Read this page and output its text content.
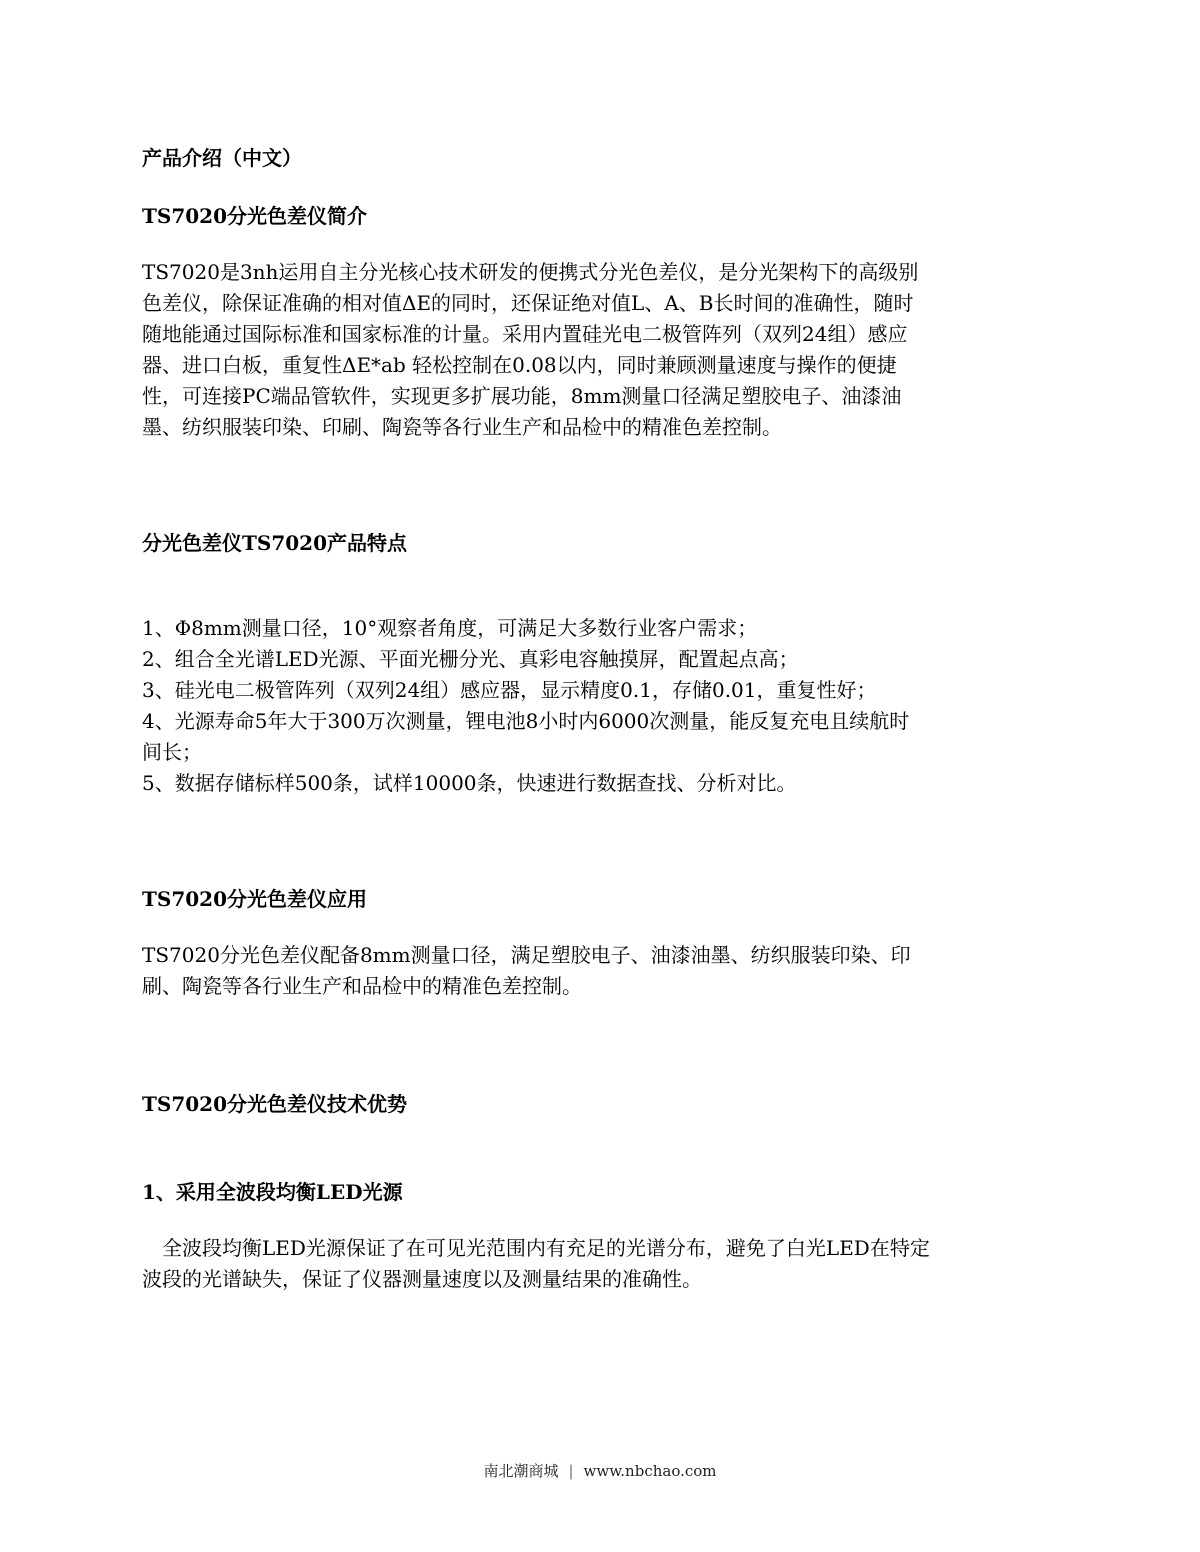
产品介绍（中文）
TS7020分光色差仪简介

TS7020是3nh运用自主分光核心技术研发的便携式分光色差仪，是分光架构下的高级别
色差仪，除保证准确的相对值ΔE的同时，还保证绝对值L、A、B长时间的准确性，随时
随地能通过国际标准和国家标准的计量。采用内置硅光电二极管阵列（双列24组）感应
器、进口白板，重复性ΔE*ab 轻松控制在0.08以内，同时兼顾测量速度与操作的便捷
性，可连接PC端品管软件，实现更多扩展功能，8mm测量口径满足塑胶电子、油漆油
墨、纺织服装印染、印刷、陶瓷等各行业生产和品检中的精准色差控制。

分光色差仪TS7020产品特点

1、Φ8mm测量口径，10°观察者角度，可满足大多数行业客户需求；
2、组合全光谱LED光源、平面光栅分光、真彩电容触摸屏，配置起点高；
3、硅光电二极管阵列（双列24组）感应器，显示精度0.1，存储0.01，重复性好；
4、光源寿命5年大于300万次测量，锂电池8小时内6000次测量，能反复充电且续航时
间长；
5、数据存储标样500条，试样10000条，快速进行数据查找、分析对比。

TS7020分光色差仪应用

TS7020分光色差仪配备8mm测量口径，满足塑胶电子、油漆油墨、纺织服装印染、印
刷、陶瓷等各行业生产和品检中的精准色差控制。

TS7020分光色差仪技术优势
1、采用全波段均衡LED光源

　全波段均衡LED光源保证了在可见光范围内有充足的光谱分布，避免了白光LED在特定
波段的光谱缺失，保证了仪器测量速度以及测量结果的准确性。

南北潮商城 | www.nbchao.com
